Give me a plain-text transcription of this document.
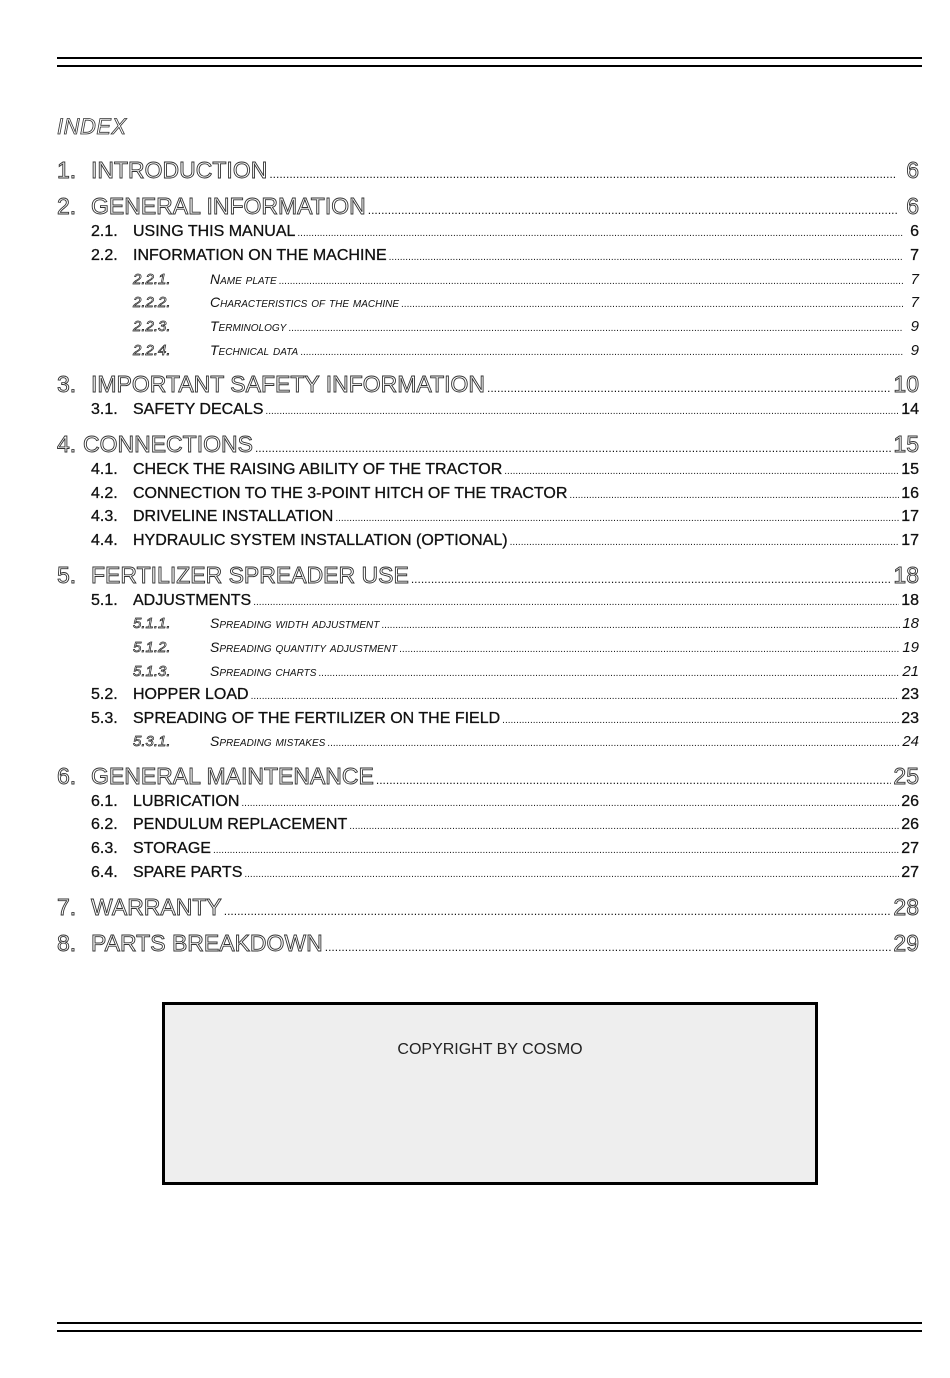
INDEX
1. INTRODUCTION .....	6
2. GENERAL INFORMATION .....	6
2.1. USING THIS MANUAL .....	6
2.2. INFORMATION ON THE MACHINE .....	7
2.2.1.	Name plate .....	7
2.2.2.	Characteristics of the machine .....	7
2.2.3.	Terminology .....	9
2.2.4.	Technical data .....	9
3. IMPORTANT SAFETY INFORMATION .....	10
3.1. SAFETY DECALS .....	14
4. CONNECTIONS .....	15
4.1. CHECK THE RAISING ABILITY OF THE TRACTOR .....	15
4.2. CONNECTION TO THE 3-POINT HITCH OF THE TRACTOR .....	16
4.3. DRIVELINE INSTALLATION .....	17
4.4. HYDRAULIC SYSTEM INSTALLATION (OPTIONAL) .....	17
5. FERTILIZER SPREADER USE .....	18
5.1. ADJUSTMENTS .....	18
5.1.1.	Spreading width adjustment .....	18
5.1.2.	Spreading quantity adjustment .....	19
5.1.3.	Spreading charts .....	21
5.2. HOPPER LOAD .....	23
5.3. SPREADING OF THE FERTILIZER ON THE FIELD .....	23
5.3.1.	Spreading mistakes .....	24
6. GENERAL MAINTENANCE .....	25
6.1. LUBRICATION .....	26
6.2. PENDULUM REPLACEMENT .....	26
6.3. STORAGE .....	27
6.4. SPARE PARTS .....	27
7. WARRANTY .....	28
8. PARTS BREAKDOWN .....	29
COPYRIGHT BY COSMO
